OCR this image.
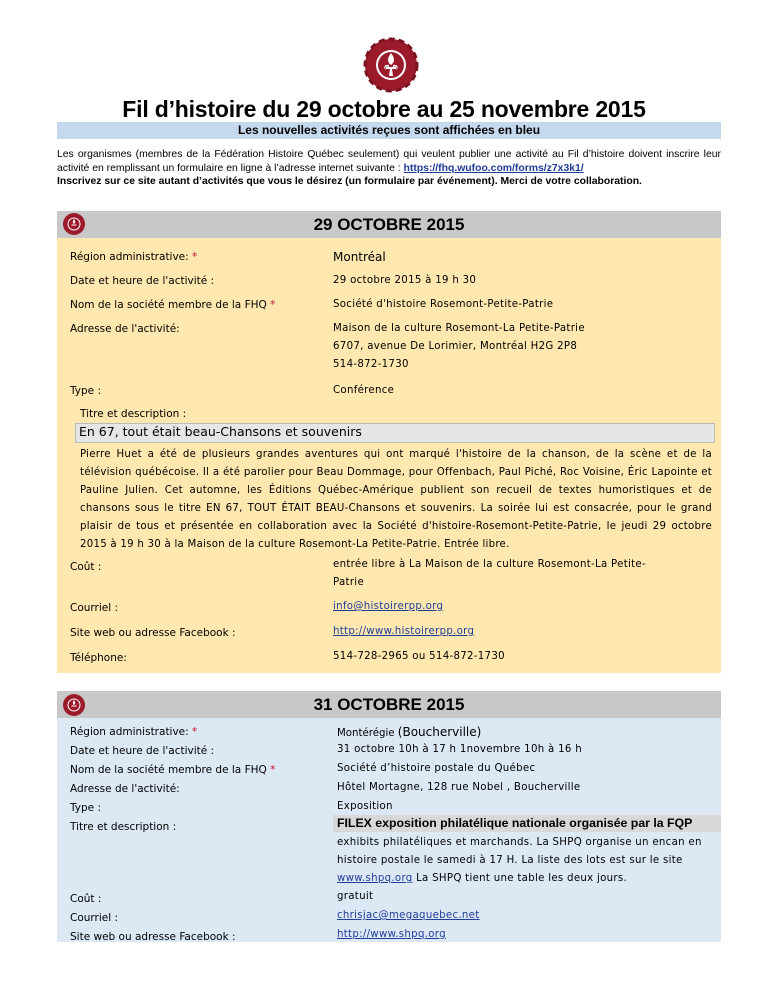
Fil d’histoire du 29 octobre au 25 novembre 2015
Les nouvelles activités reçues sont affichées en bleu
Les organismes (membres de la Fédération Histoire Québec seulement) qui veulent publier une activité au Fil d’histoire doivent inscrire leur activité en remplissant un formulaire en ligne à l’adresse internet suivante : https://fhq.wufoo.com/forms/z7x3k1/
Inscrivez sur ce site autant d’activités que vous le désirez (un formulaire par événement). Merci de votre collaboration.
29 OCTOBRE 2015
Région administrative: *	Montréal
Date et heure de l'activité :	29 octobre 2015 à 19 h 30
Nom de la société membre de la FHQ *	Société d'histoire Rosemont-Petite-Patrie
Adresse de l'activité:	Maison de la culture Rosemont-La Petite-Patrie
6707, avenue De Lorimier, Montréal H2G 2P8
514-872-1730
Type :	Conférence
Titre et description :
En 67, tout était beau-Chansons et souvenirs
Pierre Huet a été de plusieurs grandes aventures qui ont marqué l'histoire de la chanson, de la scène et de la télévision québécoise. Il a été parolier pour Beau Dommage, pour Offenbach, Paul Piché, Roc Voisine, Éric Lapointe et Pauline Julien. Cet automne, les Éditions Québec-Amérique publient son recueil de textes humoristiques et de chansons sous le titre EN 67, TOUT ÉTAIT BEAU-Chansons et souvenirs. La soirée lui est consacrée, pour le grand plaisir de tous et présentée en collaboration avec la Société d'histoire-Rosemont-Petite-Patrie, le jeudi 29 octobre 2015 à 19 h 30 à la Maison de la culture Rosemont-La Petite-Patrie. Entrée libre.
Coût :	entrée libre à La Maison de la culture Rosemont-La Petite-
Patrie
Courriel :	info@histoirerpp.org
Site web ou adresse Facebook :	http://www.histoirerpp.org
Téléphone:	514-728-2965 ou 514-872-1730
31 OCTOBRE 2015
Région administrative: *	Montérégie (Boucherville)
Date et heure de l'activité :	31 octobre 10h à 17 h 1novembre 10h à 16 h
Nom de la société membre de la FHQ *	Société d’histoire postale du Québec
Adresse de l'activité:	Hôtel Mortagne, 128 rue Nobel , Boucherville
Type :	Exposition
Titre et description :	FILEX exposition philatélique nationale organisée par la FQP
exhibits philatéliques et marchands. La SHPQ organise un encan en
histoire postale le samedi à 17 H. La liste des lots est sur le site
www.shpq.org La SHPQ tient une table les deux jours.
Coût :	gratuit
Courriel :	chrisjac@megaquebec.net
Site web ou adresse Facebook :	http://www.shpq.org
